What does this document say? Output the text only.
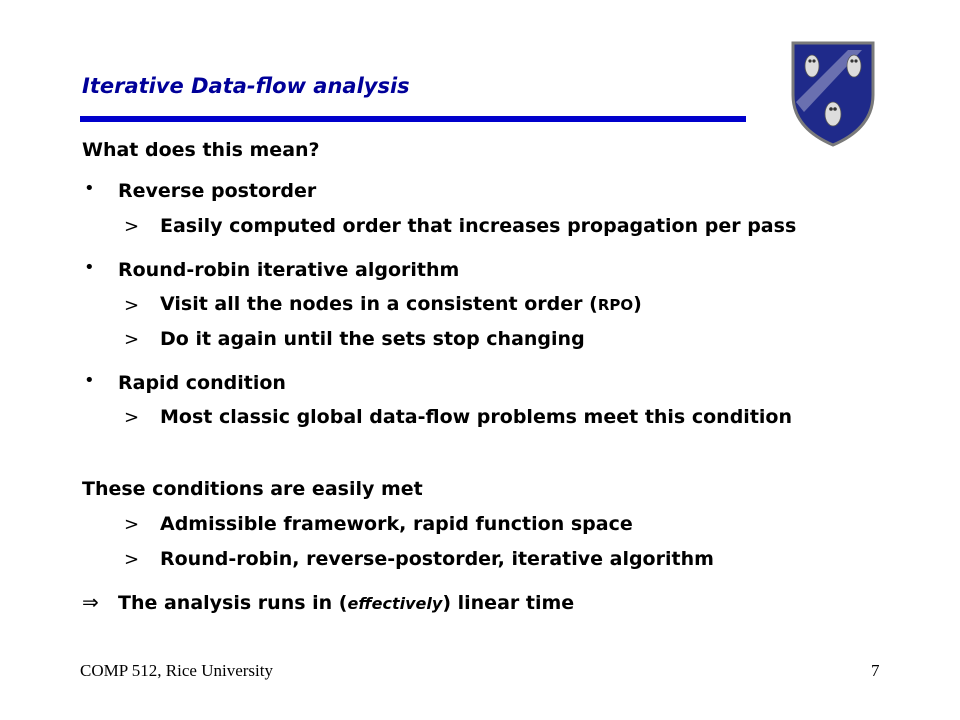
Iterative Data-flow analysis
What does this mean?
• Reverse postorder
> Easily computed order that increases propagation per pass
• Round-robin iterative algorithm
> Visit all the nodes in a consistent order (RPO)
> Do it again until the sets stop changing
• Rapid condition
> Most classic global data-flow problems meet this condition
These conditions are easily met
> Admissible framework, rapid function space
> Round-robin, reverse-postorder, iterative algorithm
⇒ The analysis runs in (effectively) linear time
COMP 512, Rice University	7
